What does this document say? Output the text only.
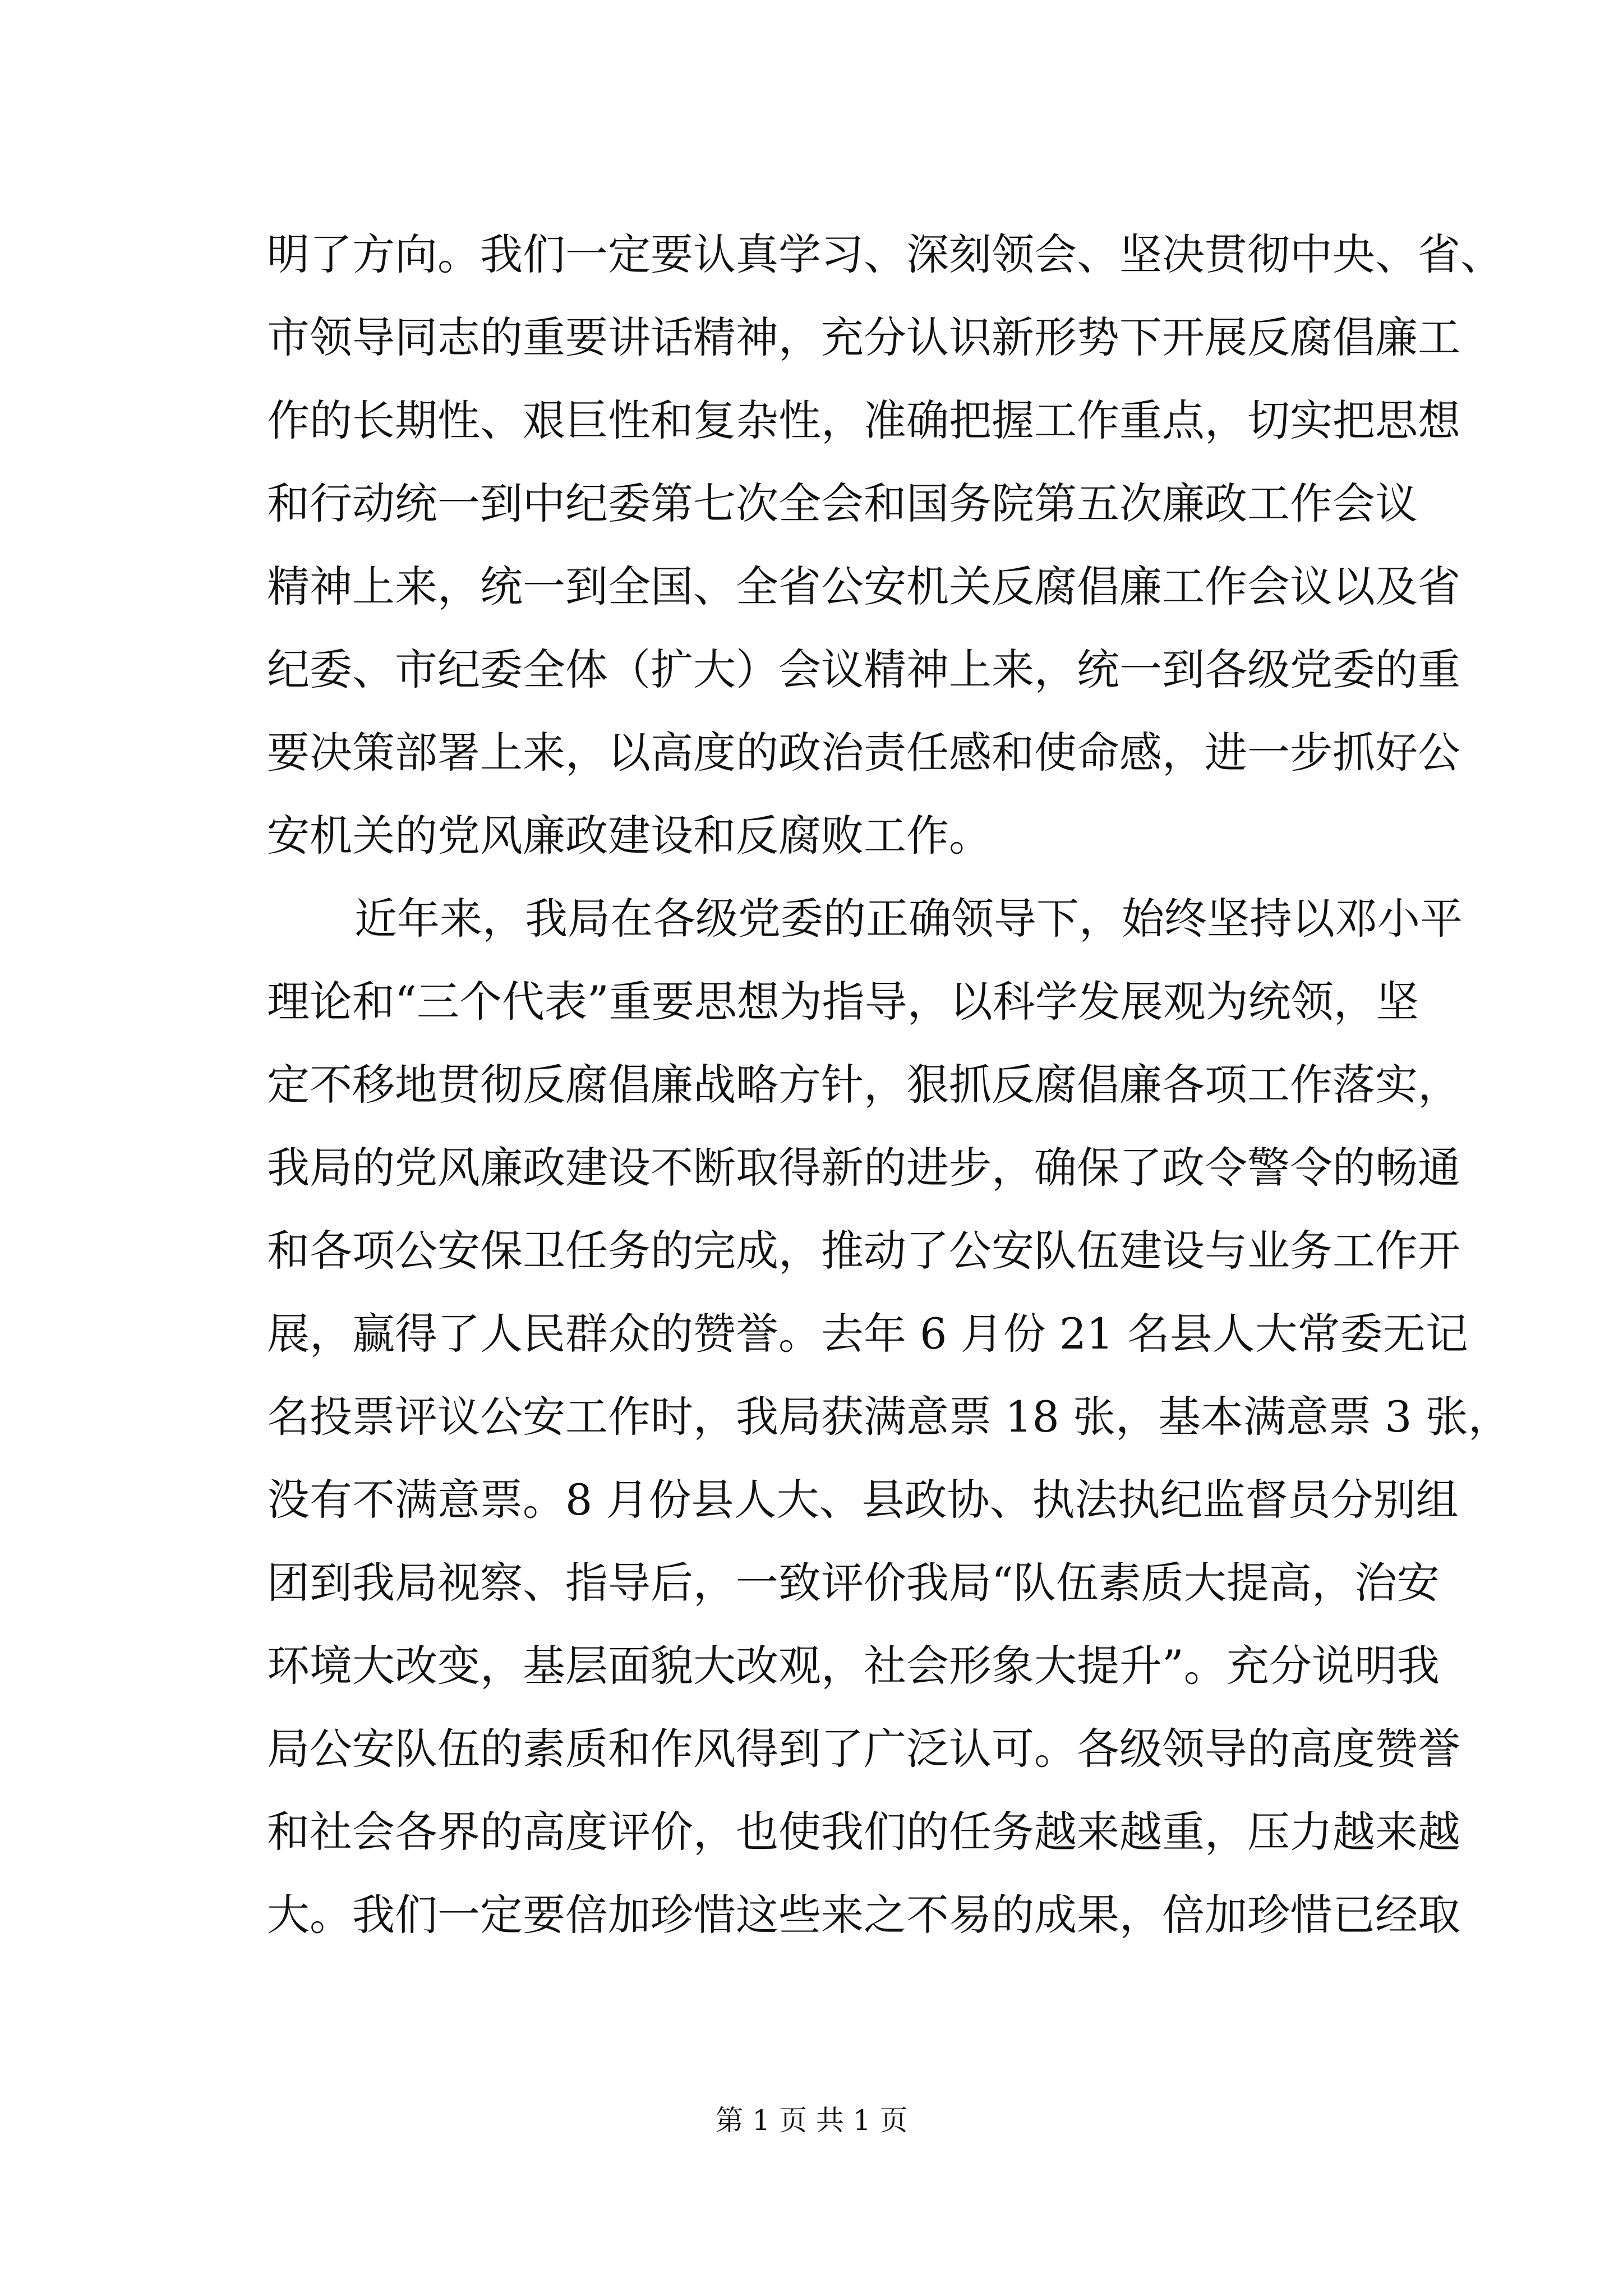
明了方向。我们一定要认真学习、深刻领会、坚决贯彻中央、省、
市领导同志的重要讲话精神，充分认识新形势下开展反腐倡廉工
作的长期性、艰巨性和复杂性，准确把握工作重点，切实把思想
和行动统一到中纪委第七次全会和国务院第五次廉政工作会议
精神上来，统一到全国、全省公安机关反腐倡廉工作会议以及省
纪委、市纪委全体（扩大）会议精神上来，统一到各级党委的重
要决策部署上来，以高度的政治责任感和使命感，进一步抓好公
安机关的党风廉政建设和反腐败工作。
近年来，我局在各级党委的正确领导下，始终坚持以邓小平
理论和“三个代表”重要思想为指导，以科学发展观为统领，坚
定不移地贯彻反腐倡廉战略方针，狠抓反腐倡廉各项工作落实，
我局的党风廉政建设不断取得新的进步，确保了政令警令的畅通
和各项公安保卫任务的完成，推动了公安队伍建设与业务工作开
展，赢得了人民群众的赞誉。去年 6 月份 21 名县人大常委无记
名投票评议公安工作时，我局获满意票 18 张，基本满意票 3 张，
没有不满意票。8 月份县人大、县政协、执法执纪监督员分别组
团到我局视察、指导后，一致评价我局“队伍素质大提高，治安
环境大改变，基层面貌大改观，社会形象大提升”。充分说明我
局公安队伍的素质和作风得到了广泛认可。各级领导的高度赞誉
和社会各界的高度评价，也使我们的任务越来越重，压力越来越
大。我们一定要倍加珍惜这些来之不易的成果，倍加珍惜已经取
第 1 页 共 1 页
